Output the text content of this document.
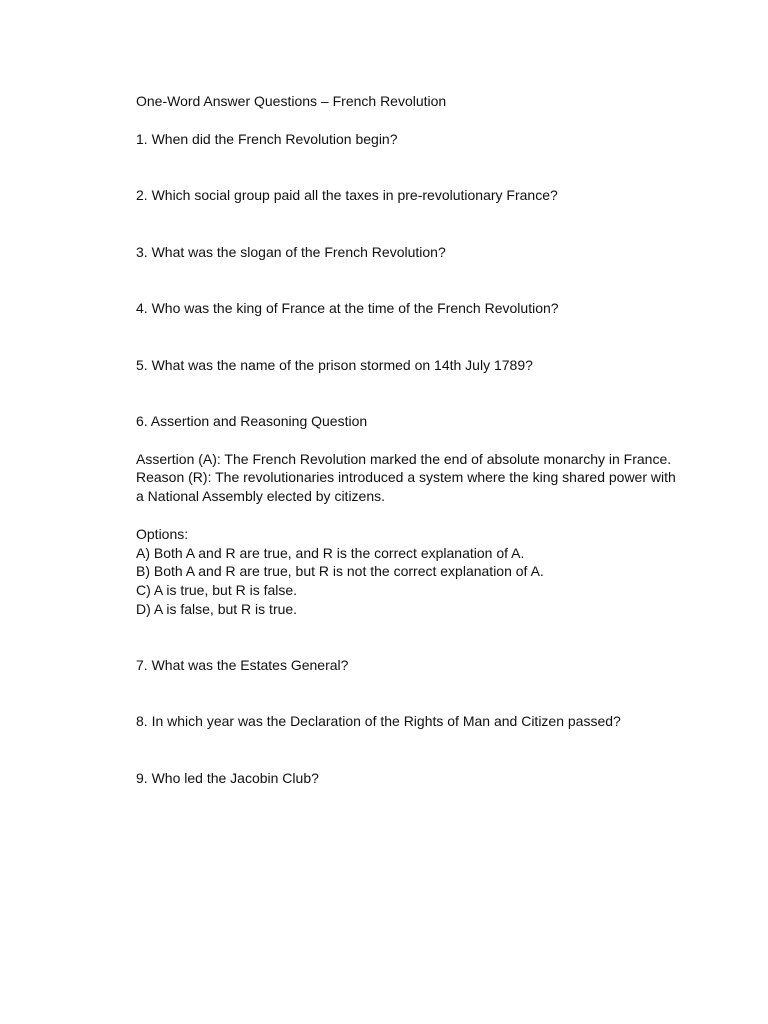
One-Word Answer Questions – French Revolution

1. When did the French Revolution begin?

2. Which social group paid all the taxes in pre-revolutionary France?

3. What was the slogan of the French Revolution?

4. Who was the king of France at the time of the French Revolution?

5. What was the name of the prison stormed on 14th July 1789?

6. Assertion and Reasoning Question

Assertion (A): The French Revolution marked the end of absolute monarchy in France.

Reason (R): The revolutionaries introduced a system where the king shared power with

a National Assembly elected by citizens.

Options:

A) Both A and R are true, and R is the correct explanation of A.

B) Both A and R are true, but R is not the correct explanation of A.

C) A is true, but R is false.

D) A is false, but R is true.

7. What was the Estates General?

8. In which year was the Declaration of the Rights of Man and Citizen passed?

9. Who led the Jacobin Club?
